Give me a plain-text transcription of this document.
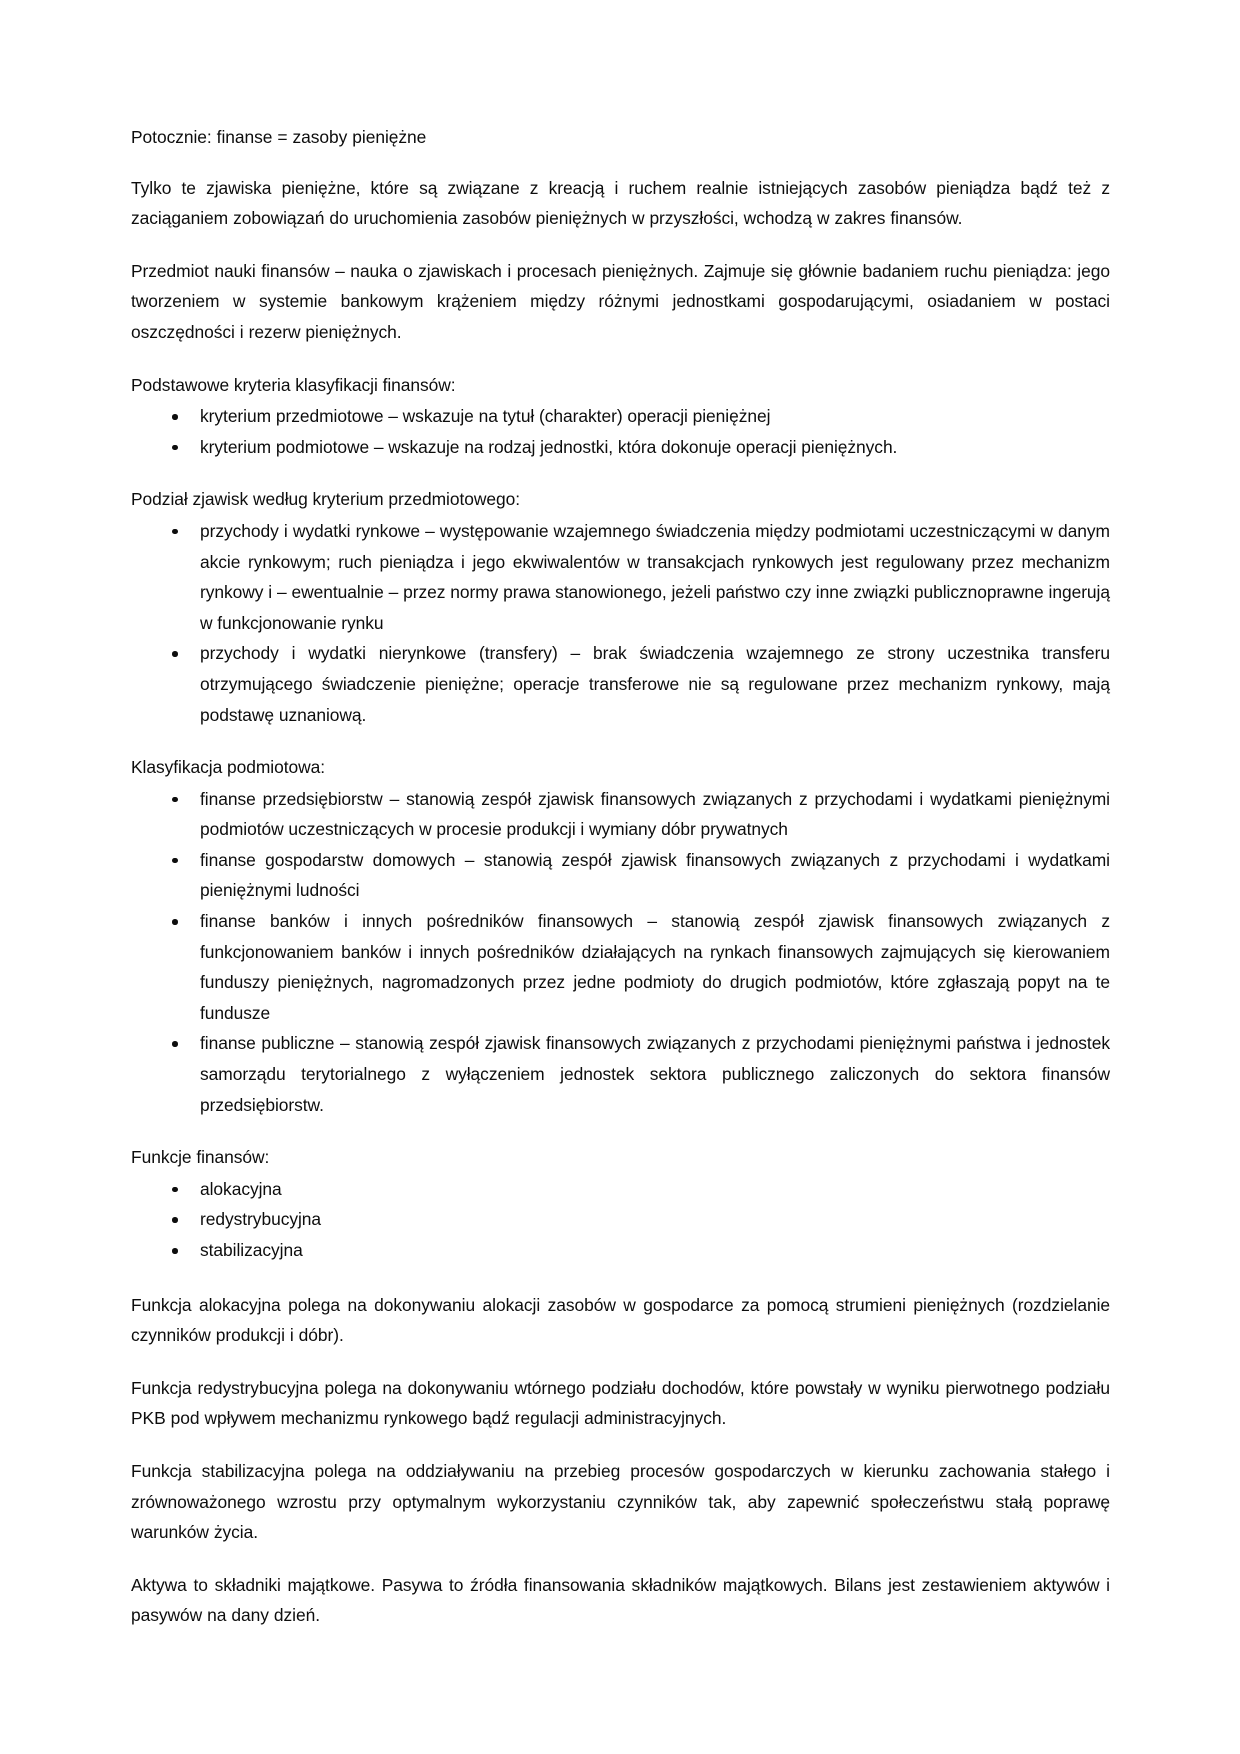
Potocznie: finanse = zasoby pieniężne

Tylko te zjawiska pieniężne, które są związane z kreacją i ruchem realnie istniejących zasobów pieniądza bądź też z zaciąganiem zobowiązań do uruchomienia zasobów pieniężnych w przyszłości, wchodzą w zakres finansów.

Przedmiot nauki finansów – nauka o zjawiskach i procesach pieniężnych. Zajmuje się głównie badaniem ruchu pieniądza: jego tworzeniem w systemie bankowym krążeniem między różnymi jednostkami gospodarującymi, osiadaniem w postaci oszczędności i rezerw pieniężnych.

Podstawowe kryteria klasyfikacji finansów:

kryterium przedmiotowe – wskazuje na tytuł (charakter) operacji pieniężnej
kryterium podmiotowe – wskazuje na rodzaj jednostki, która dokonuje operacji pieniężnych.

Podział zjawisk według kryterium przedmiotowego:

przychody i wydatki rynkowe – występowanie wzajemnego świadczenia między podmiotami uczestniczącymi w danym akcie rynkowym; ruch pieniądza i jego ekwiwalentów w transakcjach rynkowych jest regulowany przez mechanizm rynkowy i – ewentualnie – przez normy prawa stanowionego, jeżeli państwo czy inne związki publicznoprawne ingerują w funkcjonowanie rynku
przychody i wydatki nierynkowe (transfery) – brak świadczenia wzajemnego ze strony uczestnika transferu otrzymującego świadczenie pieniężne; operacje transferowe nie są regulowane przez mechanizm rynkowy, mają podstawę uznaniową.

Klasyfikacja podmiotowa:

finanse przedsiębiorstw – stanowią zespół zjawisk finansowych związanych z przychodami i wydatkami pieniężnymi podmiotów uczestniczących w procesie produkcji i wymiany dóbr prywatnych
finanse gospodarstw domowych – stanowią zespół zjawisk finansowych związanych z przychodami i wydatkami pieniężnymi ludności
finanse banków i innych pośredników finansowych – stanowią zespół zjawisk finansowych związanych z funkcjonowaniem banków i innych pośredników działających na rynkach finansowych zajmujących się kierowaniem funduszy pieniężnych, nagromadzonych przez jedne podmioty do drugich podmiotów, które zgłaszają popyt na te fundusze
finanse publiczne – stanowią zespół zjawisk finansowych związanych z przychodami pieniężnymi państwa i jednostek samorządu terytorialnego z wyłączeniem jednostek sektora publicznego zaliczonych do sektora finansów przedsiębiorstw.

Funkcje finansów:

alokacyjna
redystrybucyjna
stabilizacyjna

Funkcja alokacyjna polega na dokonywaniu alokacji zasobów w gospodarce za pomocą strumieni pieniężnych (rozdzielanie czynników produkcji i dóbr).

Funkcja redystrybucyjna polega na dokonywaniu wtórnego podziału dochodów, które powstały w wyniku pierwotnego podziału PKB pod wpływem mechanizmu rynkowego bądź regulacji administracyjnych.

Funkcja stabilizacyjna polega na oddziaływaniu na przebieg procesów gospodarczych w kierunku zachowania stałego i zrównoważonego wzrostu przy optymalnym wykorzystaniu czynników tak, aby zapewnić społeczeństwu stałą poprawę warunków życia.

Aktywa to składniki majątkowe. Pasywa to źródła finansowania składników majątkowych. Bilans jest zestawieniem aktywów i pasywów na dany dzień.
